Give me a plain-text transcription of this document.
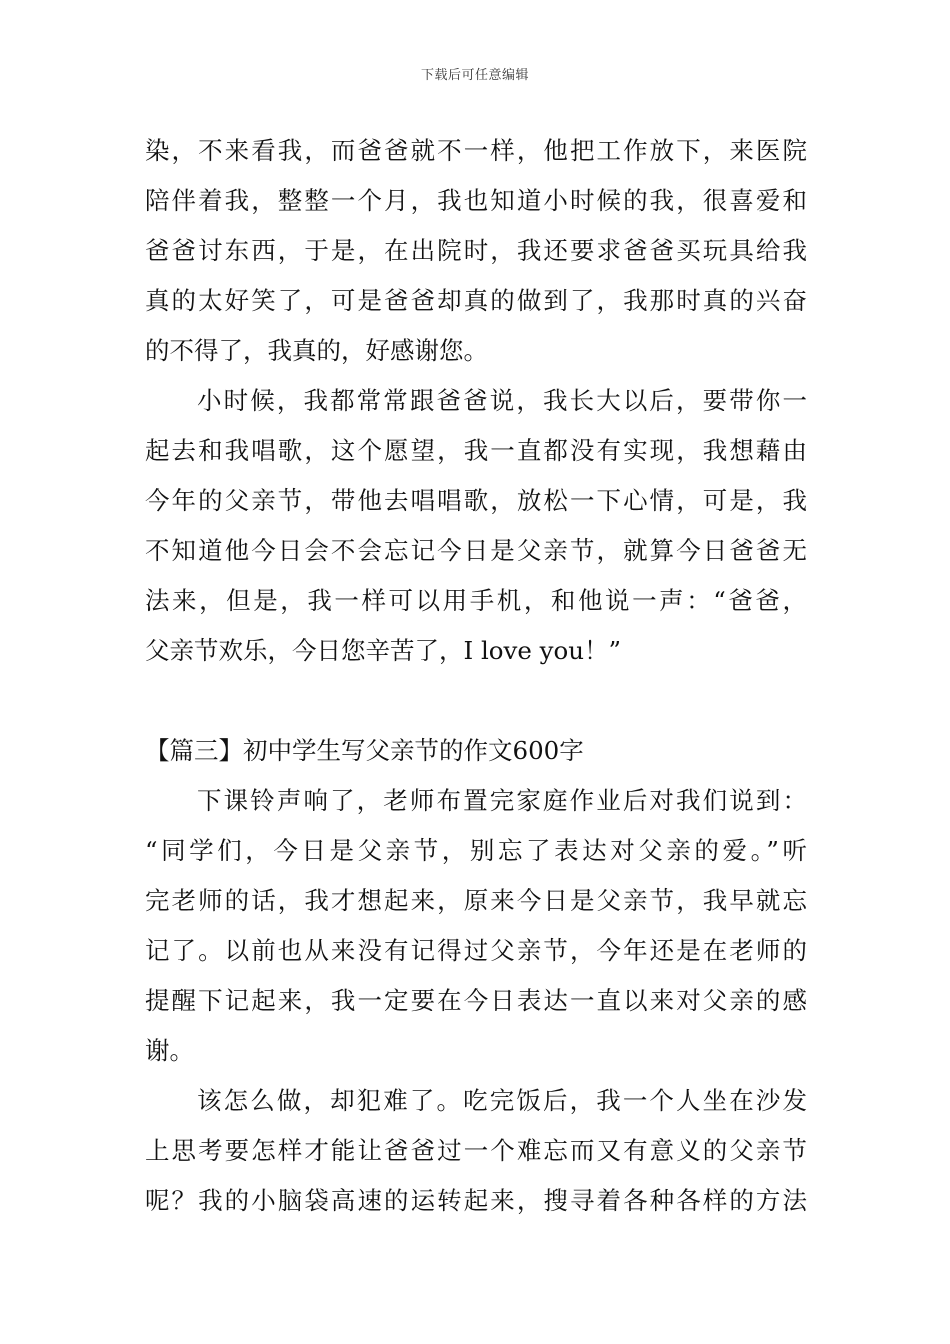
下载后可任意编辑
染，不来看我，而爸爸就不一样，他把工作放下，来医院
陪伴着我，整整一个月，我也知道小时候的我，很喜爱和
爸爸讨东西，于是，在出院时，我还要求爸爸买玩具给我
真的太好笑了，可是爸爸却真的做到了，我那时真的兴奋
的不得了，我真的，好感谢您。
小时候，我都常常跟爸爸说，我长大以后，要带你一
起去和我唱歌，这个愿望，我一直都没有实现，我想藉由
今年的父亲节，带他去唱唱歌，放松一下心情，可是，我
不知道他今日会不会忘记今日是父亲节，就算今日爸爸无
法来，但是，我一样可以用手机，和他说一声：“爸爸，
父亲节欢乐，今日您辛苦了，I love you！”
【篇三】初中学生写父亲节的作文600字
下课铃声响了，老师布置完家庭作业后对我们说到：
“同学们，今日是父亲节，别忘了表达对父亲的爱。”听
完老师的话，我才想起来，原来今日是父亲节，我早就忘
记了。以前也从来没有记得过父亲节，今年还是在老师的
提醒下记起来，我一定要在今日表达一直以来对父亲的感
谢。
该怎么做，却犯难了。吃完饭后，我一个人坐在沙发
上思考要怎样才能让爸爸过一个难忘而又有意义的父亲节
呢？我的小脑袋高速的运转起来，搜寻着各种各样的方法
